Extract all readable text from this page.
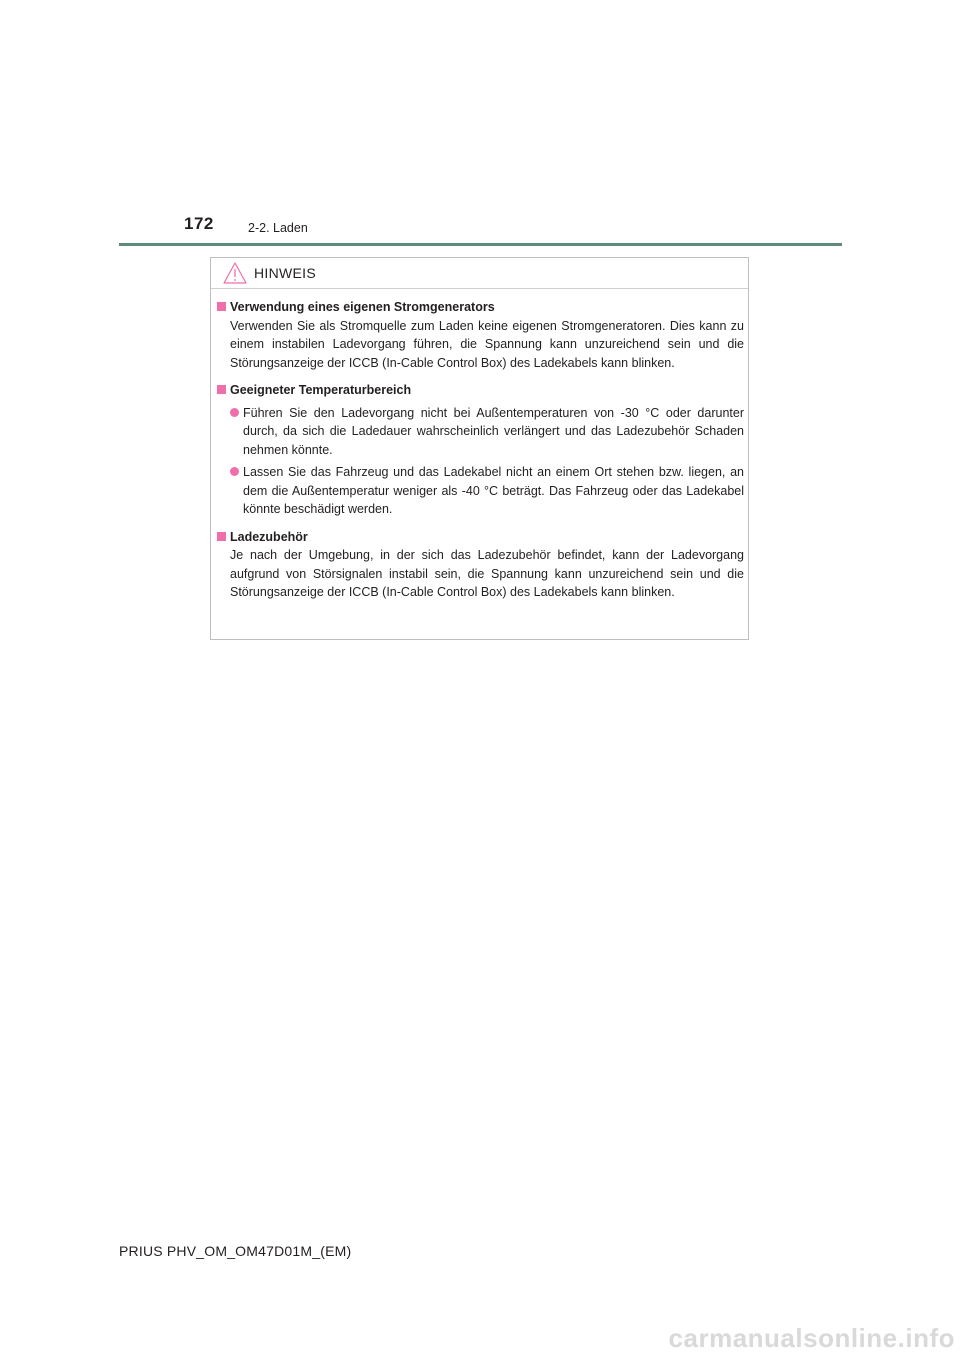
172	2-2. Laden
HINWEIS
Verwendung eines eigenen Stromgenerators
Verwenden Sie als Stromquelle zum Laden keine eigenen Stromgeneratoren. Dies kann zu einem instabilen Ladevorgang führen, die Spannung kann unzureichend sein und die Störungsanzeige der ICCB (In-Cable Control Box) des Ladekabels kann blinken.
Geeigneter Temperaturbereich
Führen Sie den Ladevorgang nicht bei Außentemperaturen von -30 °C oder darunter durch, da sich die Ladedauer wahrscheinlich verlängert und das Ladezubehör Schaden nehmen könnte.
Lassen Sie das Fahrzeug und das Ladekabel nicht an einem Ort stehen bzw. liegen, an dem die Außentemperatur weniger als -40 °C beträgt. Das Fahrzeug oder das Ladekabel könnte beschädigt werden.
Ladezubehör
Je nach der Umgebung, in der sich das Ladezubehör befindet, kann der Ladevorgang aufgrund von Störsignalen instabil sein, die Spannung kann unzureichend sein und die Störungsanzeige der ICCB (In-Cable Control Box) des Ladekabels kann blinken.
PRIUS PHV_OM_OM47D01M_(EM)
carmanualsonline.info
